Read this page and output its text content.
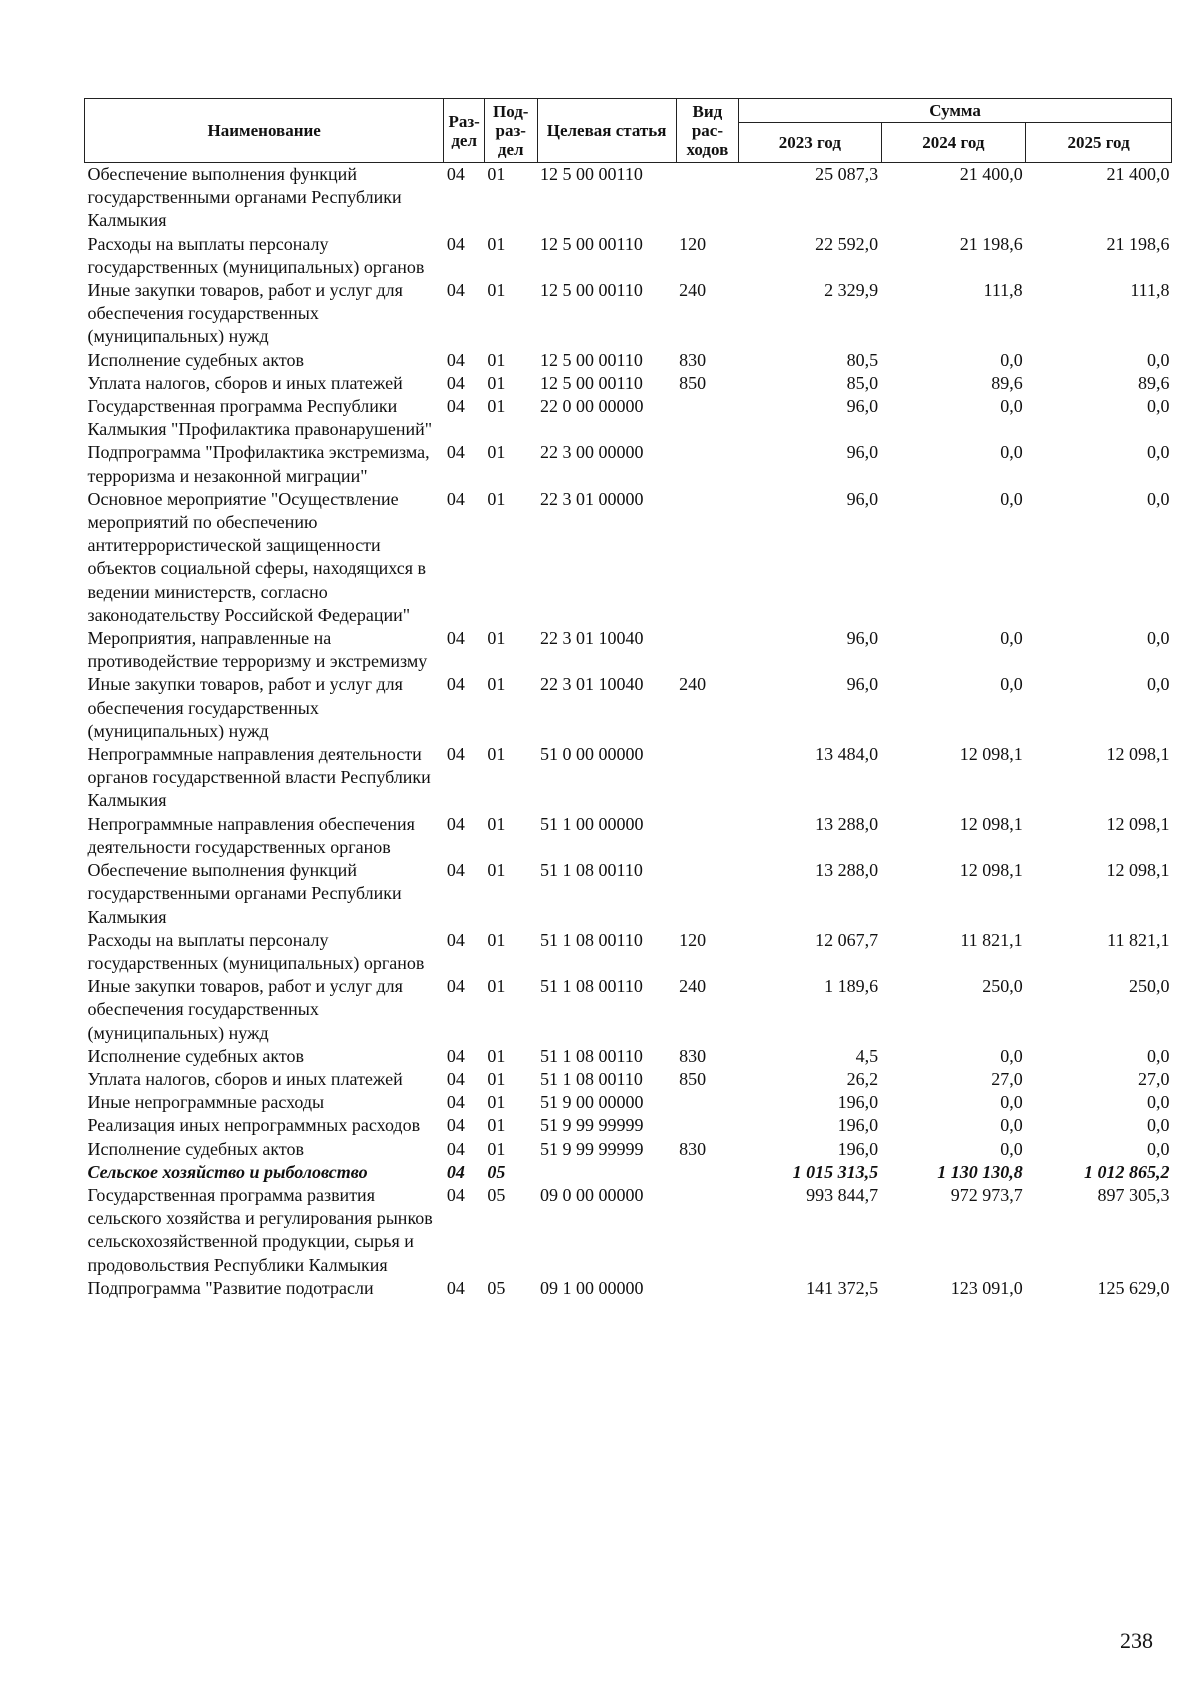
Наименование	Раз-дел	Под-раз-дел	Целевая статья	Вид рас-ходов	Сумма		
					2023 год	2024 год	2025 год
Обеспечение выполнения функций государственными органами Республики Калмыкия	04	01	12 5 00 00110		25 087,3	21 400,0	21 400,0
Расходы на выплаты персоналу государственных (муниципальных) органов	04	01	12 5 00 00110	120	22 592,0	21 198,6	21 198,6
Иные закупки товаров, работ и услуг для обеспечения государственных (муниципальных) нужд	04	01	12 5 00 00110	240	2 329,9	111,8	111,8
Исполнение судебных актов	04	01	12 5 00 00110	830	80,5	0,0	0,0
Уплата налогов, сборов и иных платежей	04	01	12 5 00 00110	850	85,0	89,6	89,6
Государственная программа Республики Калмыкия "Профилактика правонарушений"	04	01	22 0 00 00000		96,0	0,0	0,0
Подпрограмма "Профилактика экстремизма, терроризма и незаконной миграции"	04	01	22 3 00 00000		96,0	0,0	0,0
Основное мероприятие "Осуществление мероприятий по обеспечению антитеррористической защищенности объектов социальной сферы, находящихся в ведении министерств, согласно законодательству Российской Федерации"	04	01	22 3 01 00000		96,0	0,0	0,0
Мероприятия, направленные на противодействие терроризму и экстремизму	04	01	22 3 01 10040		96,0	0,0	0,0
Иные закупки товаров, работ и услуг для обеспечения государственных (муниципальных) нужд	04	01	22 3 01 10040	240	96,0	0,0	0,0
Непрограммные направления деятельности органов государственной власти Республики Калмыкия	04	01	51 0 00 00000		13 484,0	12 098,1	12 098,1
Непрограммные направления обеспечения деятельности государственных органов	04	01	51 1 00 00000		13 288,0	12 098,1	12 098,1
Обеспечение выполнения функций государственными органами Республики Калмыкия	04	01	51 1 08 00110		13 288,0	12 098,1	12 098,1
Расходы на выплаты персоналу государственных (муниципальных) органов	04	01	51 1 08 00110	120	12 067,7	11 821,1	11 821,1
Иные закупки товаров, работ и услуг для обеспечения государственных (муниципальных) нужд	04	01	51 1 08 00110	240	1 189,6	250,0	250,0
Исполнение судебных актов	04	01	51 1 08 00110	830	4,5	0,0	0,0
Уплата налогов, сборов и иных платежей	04	01	51 1 08 00110	850	26,2	27,0	27,0
Иные непрограммные расходы	04	01	51 9 00 00000		196,0	0,0	0,0
Реализация иных непрограммных расходов	04	01	51 9 99 99999		196,0	0,0	0,0
Исполнение судебных актов	04	01	51 9 99 99999	830	196,0	0,0	0,0
Сельское хозяйство и рыболовство	04	05			1 015 313,5	1 130 130,8	1 012 865,2
Государственная программа развития сельского хозяйства и регулирования рынков сельскохозяйственной продукции, сырья и продовольствия Республики Калмыкия	04	05	09 0 00 00000		993 844,7	972 973,7	897 305,3
Подпрограмма "Развитие подотрасли	04	05	09 1 00 00000		141 372,5	123 091,0	125 629,0
238
